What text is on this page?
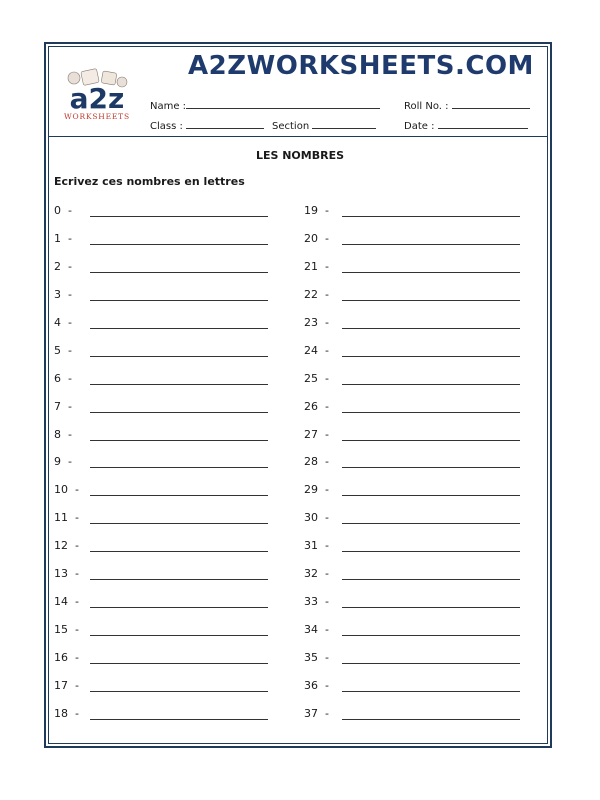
a2z
WORKSHEETS
A2ZWORKSHEETS.COM
Name :	Roll No. :
Class :	Section	Date :
LES NOMBRES
Ecrivez ces nombres en lettres
0 -
1 -
2 -
3 -
4 -
5 -
6 -
7 -
8 -
9 -
10 -
11 -
12 -
13 -
14 -
15 -
16 -
17 -
18 -
19 -
20 -
21 -
22 -
23 -
24 -
25 -
26 -
27 -
28 -
29 -
30 -
31 -
32 -
33 -
34 -
35 -
36 -
37 -
